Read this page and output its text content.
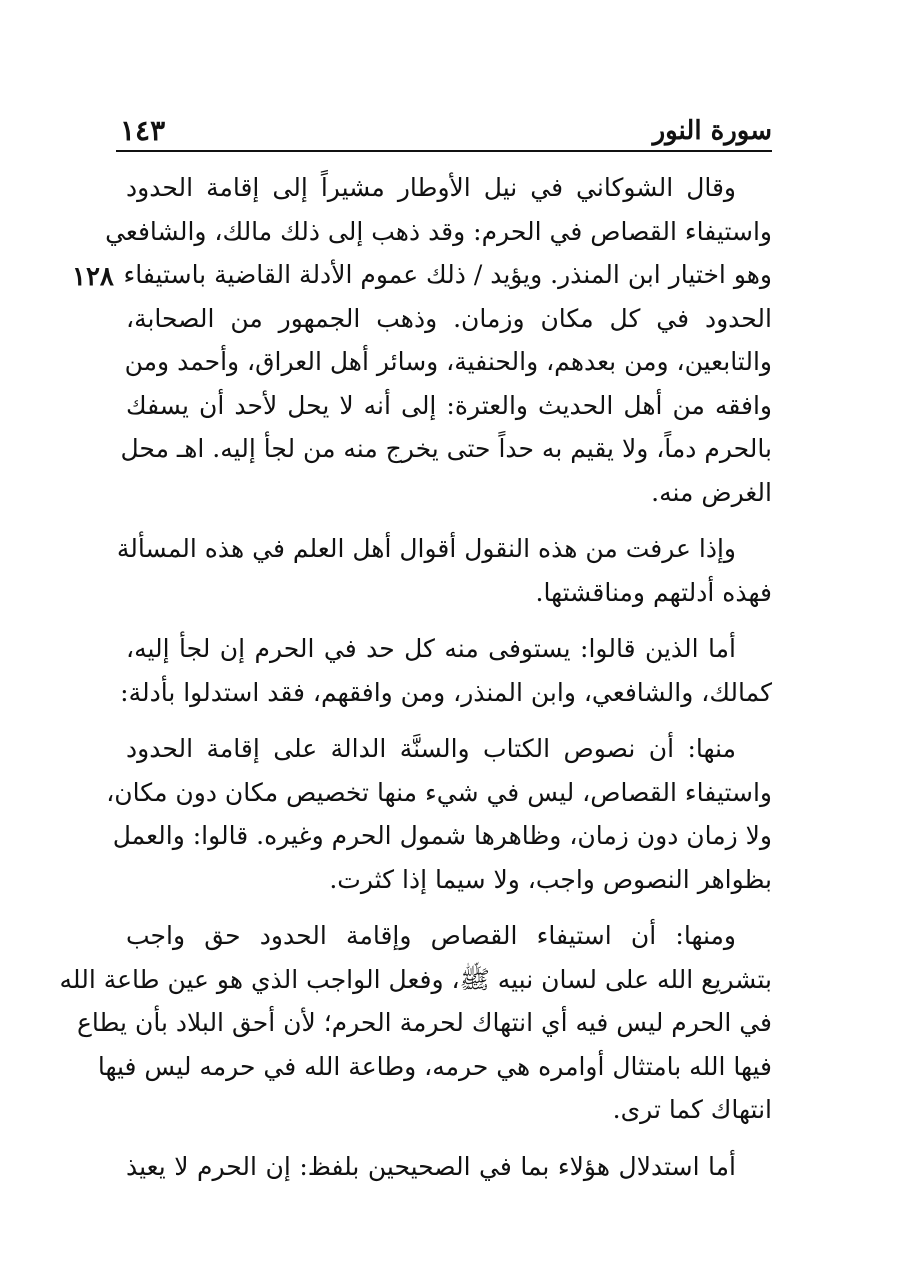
سورة النور
١٤٣
١٢٨

وقال الشوكاني في نيل الأوطار مشيراً إلى إقامة الحدود
واستيفاء القصاص في الحرم: وقد ذهب إلى ذلك مالك، والشافعي
وهو اختيار ابن المنذر. ويؤيد / ذلك عموم الأدلة القاضية باستيفاء
الحدود في كل مكان وزمان. وذهب الجمهور من الصحابة،
والتابعين، ومن بعدهم، والحنفية، وسائر أهل العراق، وأحمد ومن
وافقه من أهل الحديث والعترة: إلى أنه لا يحل لأحد أن يسفك
بالحرم دماً، ولا يقيم به حداً حتى يخرج منه من لجأ إليه. اهـ محل
الغرض منه.

وإذا عرفت من هذه النقول أقوال أهل العلم في هذه المسألة
فهذه أدلتهم ومناقشتها.

أما الذين قالوا: يستوفى منه كل حد في الحرم إن لجأ إليه،
كمالك، والشافعي، وابن المنذر، ومن وافقهم، فقد استدلوا بأدلة:

منها: أن نصوص الكتاب والسنَّة الدالة على إقامة الحدود
واستيفاء القصاص، ليس في شيء منها تخصيص مكان دون مكان،
ولا زمان دون زمان، وظاهرها شمول الحرم وغيره. قالوا: والعمل
بظواهر النصوص واجب، ولا سيما إذا كثرت.

ومنها: أن استيفاء القصاص وإقامة الحدود حق واجب
بتشريع الله على لسان نبيه ﷺ، وفعل الواجب الذي هو عين طاعة الله
في الحرم ليس فيه أي انتهاك لحرمة الحرم؛ لأن أحق البلاد بأن يطاع
فيها الله بامتثال أوامره هي حرمه، وطاعة الله في حرمه ليس فيها
انتهاك كما ترى.

أما استدلال هؤلاء بما في الصحيحين بلفظ: إن الحرم لا يعيذ
